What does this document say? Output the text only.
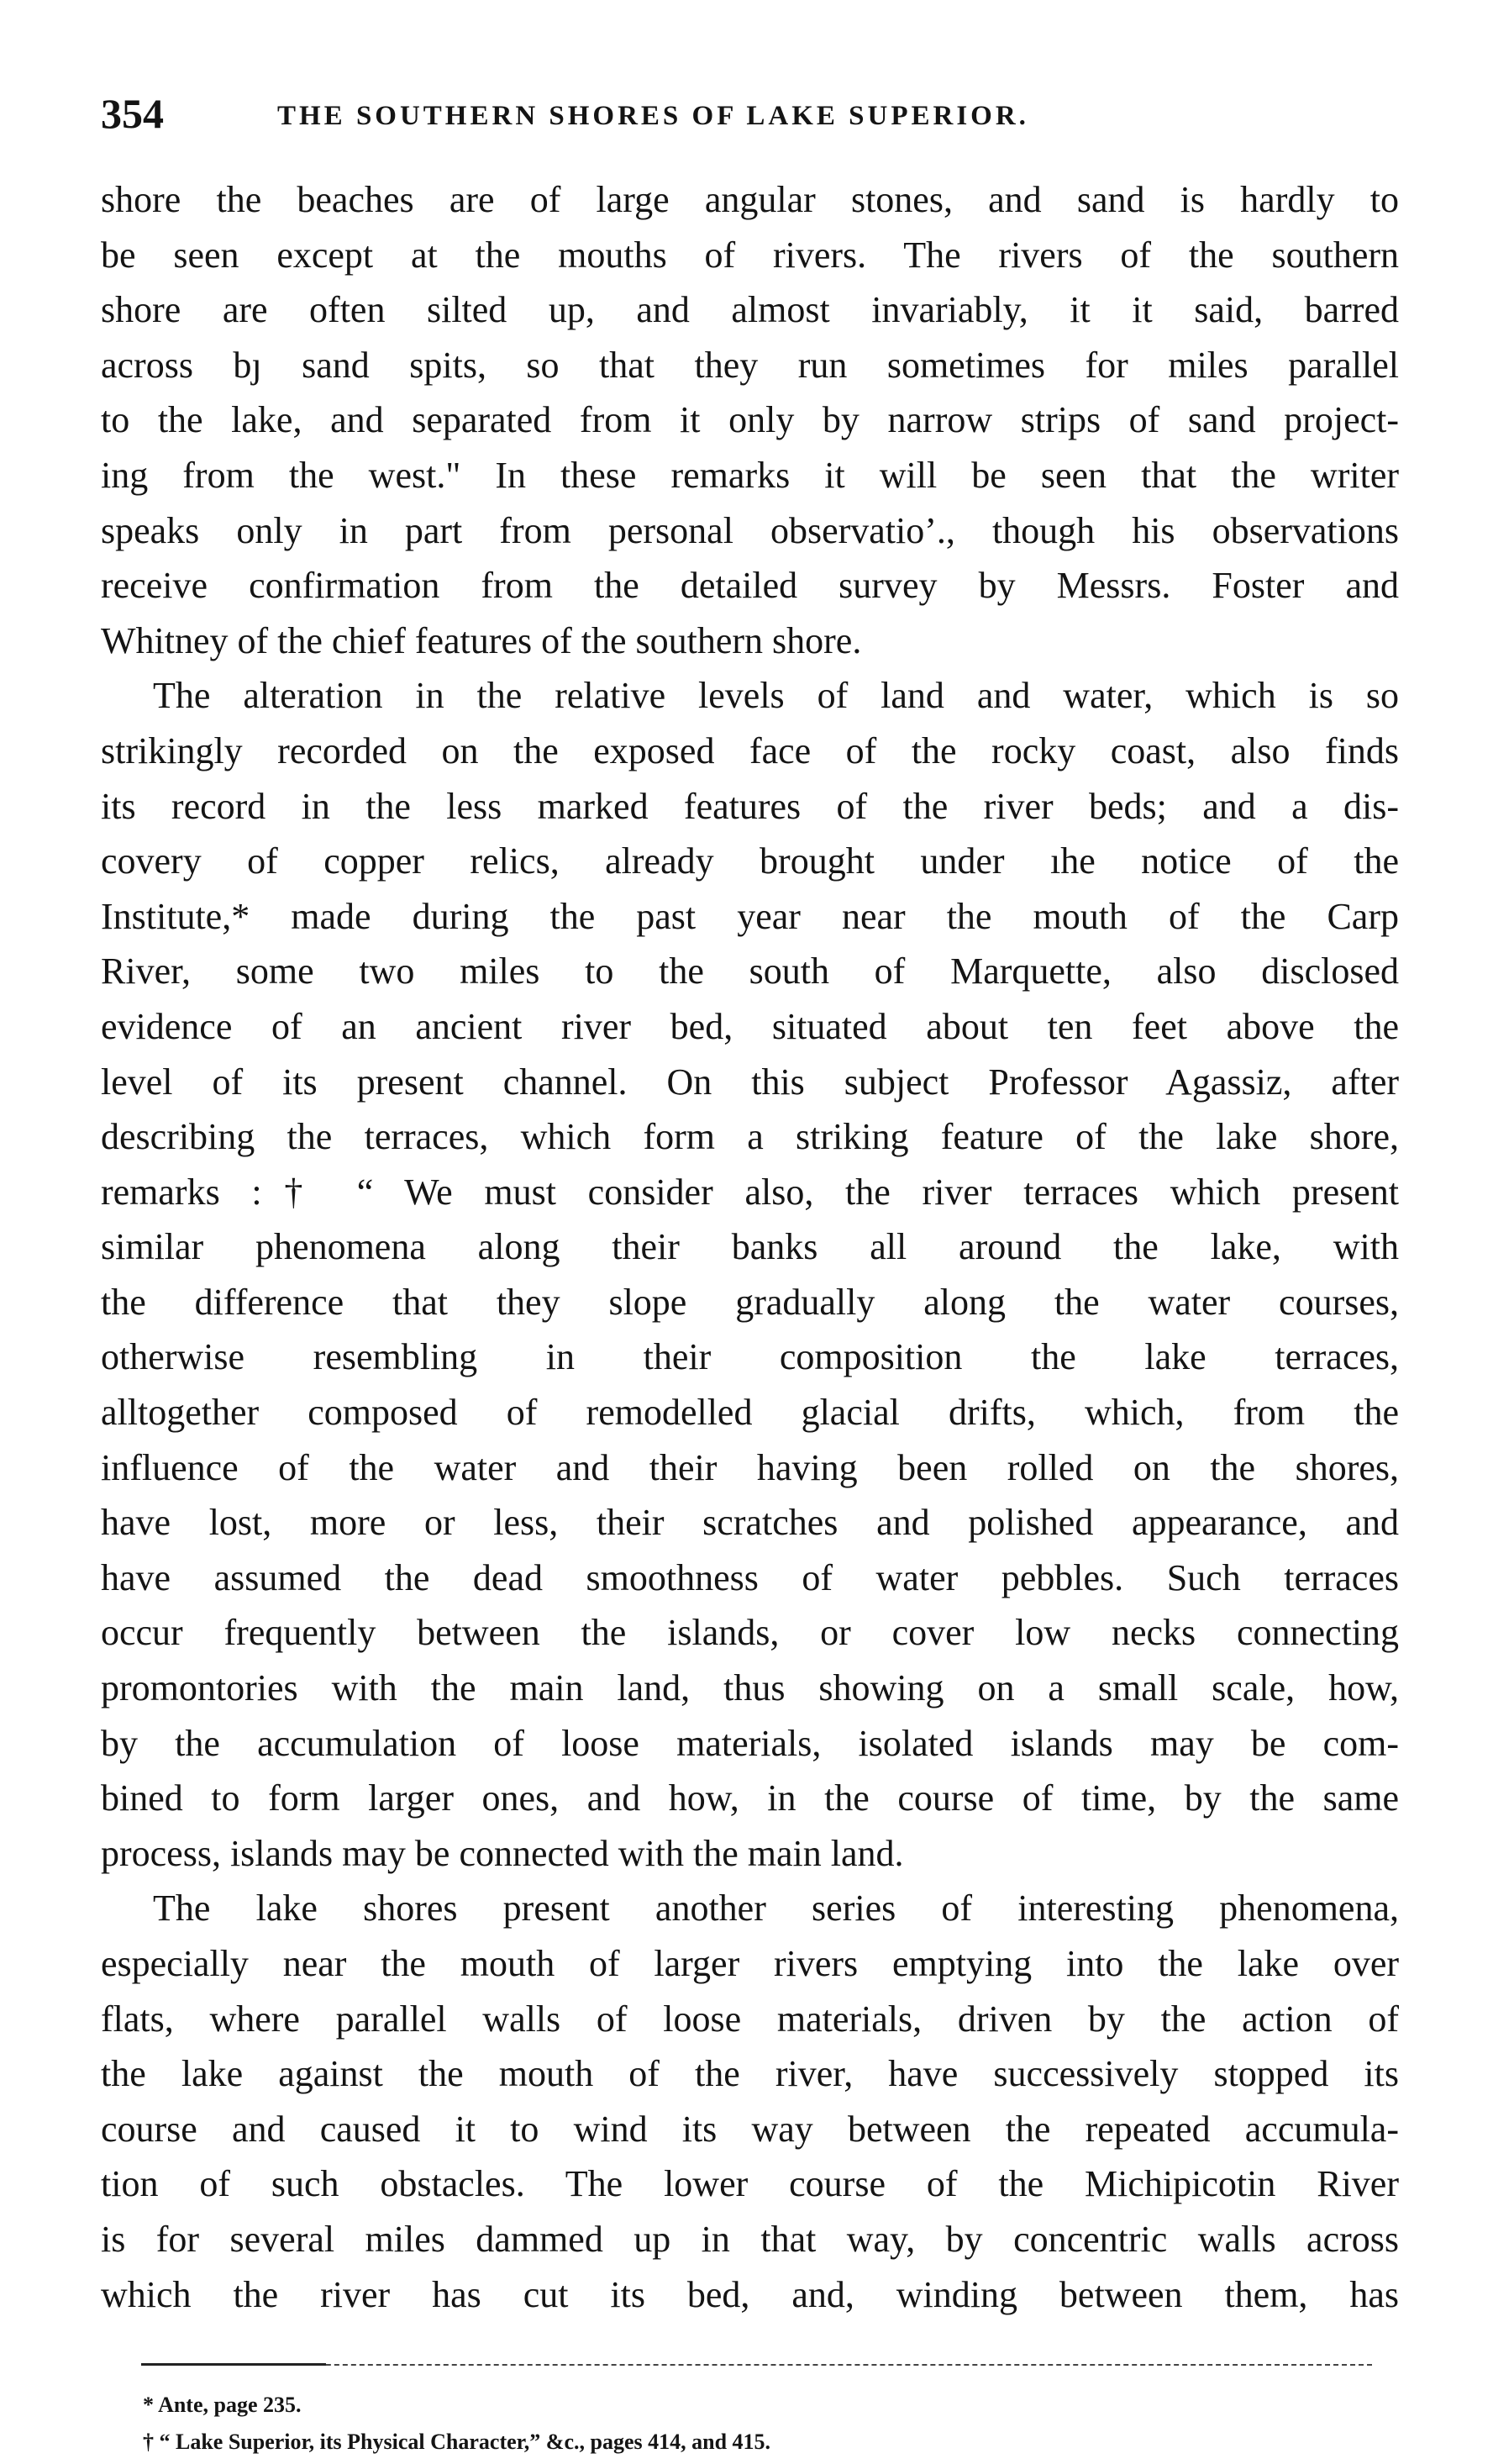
354	THE SOUTHERN SHORES OF LAKE SUPERIOR.
shore the beaches are of large angular stones, and sand is hardly to
be seen except at the mouths of rivers. The rivers of the southern
shore are often silted up, and almost invariably, it it said, barred
across bȷ sand spits, so that they run sometimes for miles parallel
to the lake, and separated from it only by narrow strips of sand project-
ing from the west." In these remarks it will be seen that the writer
speaks only in part from personal observatio’., though his observations
receive confirmation from the detailed survey by Messrs. Foster and
Whitney of the chief features of the southern shore.
The alteration in the relative levels of land and water, which is so
strikingly recorded on the exposed face of the rocky coast, also finds
its record in the less marked features of the river beds; and a dis-
covery of copper relics, already brought under ıhe notice of the
Institute,* made during the past year near the mouth of the Carp
River, some two miles to the south of Marquette, also disclosed
evidence of an ancient river bed, situated about ten feet above the
level of its present channel. On this subject Professor Agassiz, after
describing the terraces, which form a striking feature of the lake shore,
remarks :† “ We must consider also, the river terraces which present
similar phenomena along their banks all around the lake, with
the difference that they slope gradually along the water courses,
otherwise resembling in their composition the lake terraces,
alltogether composed of remodelled glacial drifts, which, from the
influence of the water and their having been rolled on the shores,
have lost, more or less, their scratches and polished appearance, and
have assumed the dead smoothness of water pebbles. Such terraces
occur frequently between the islands, or cover low necks connecting
promontories with the main land, thus showing on a small scale, how,
by the accumulation of loose materials, isolated islands may be com-
bined to form larger ones, and how, in the course of time, by the same
process, islands may be connected with the main land.
The lake shores present another series of interesting phenomena,
especially near the mouth of larger rivers emptying into the lake over
flats, where parallel walls of loose materials, driven by the action of
the lake against the mouth of the river, have successively stopped its
course and caused it to wind its way between the repeated accumula-
tion of such obstacles. The lower course of the Michipicotin River
is for several miles dammed up in that way, by concentric walls across
which the river has cut its bed, and, winding between them, has
* Ante, page 235.
† “ Lake Superior, its Physical Character,” &c., pages 414, and 415.
